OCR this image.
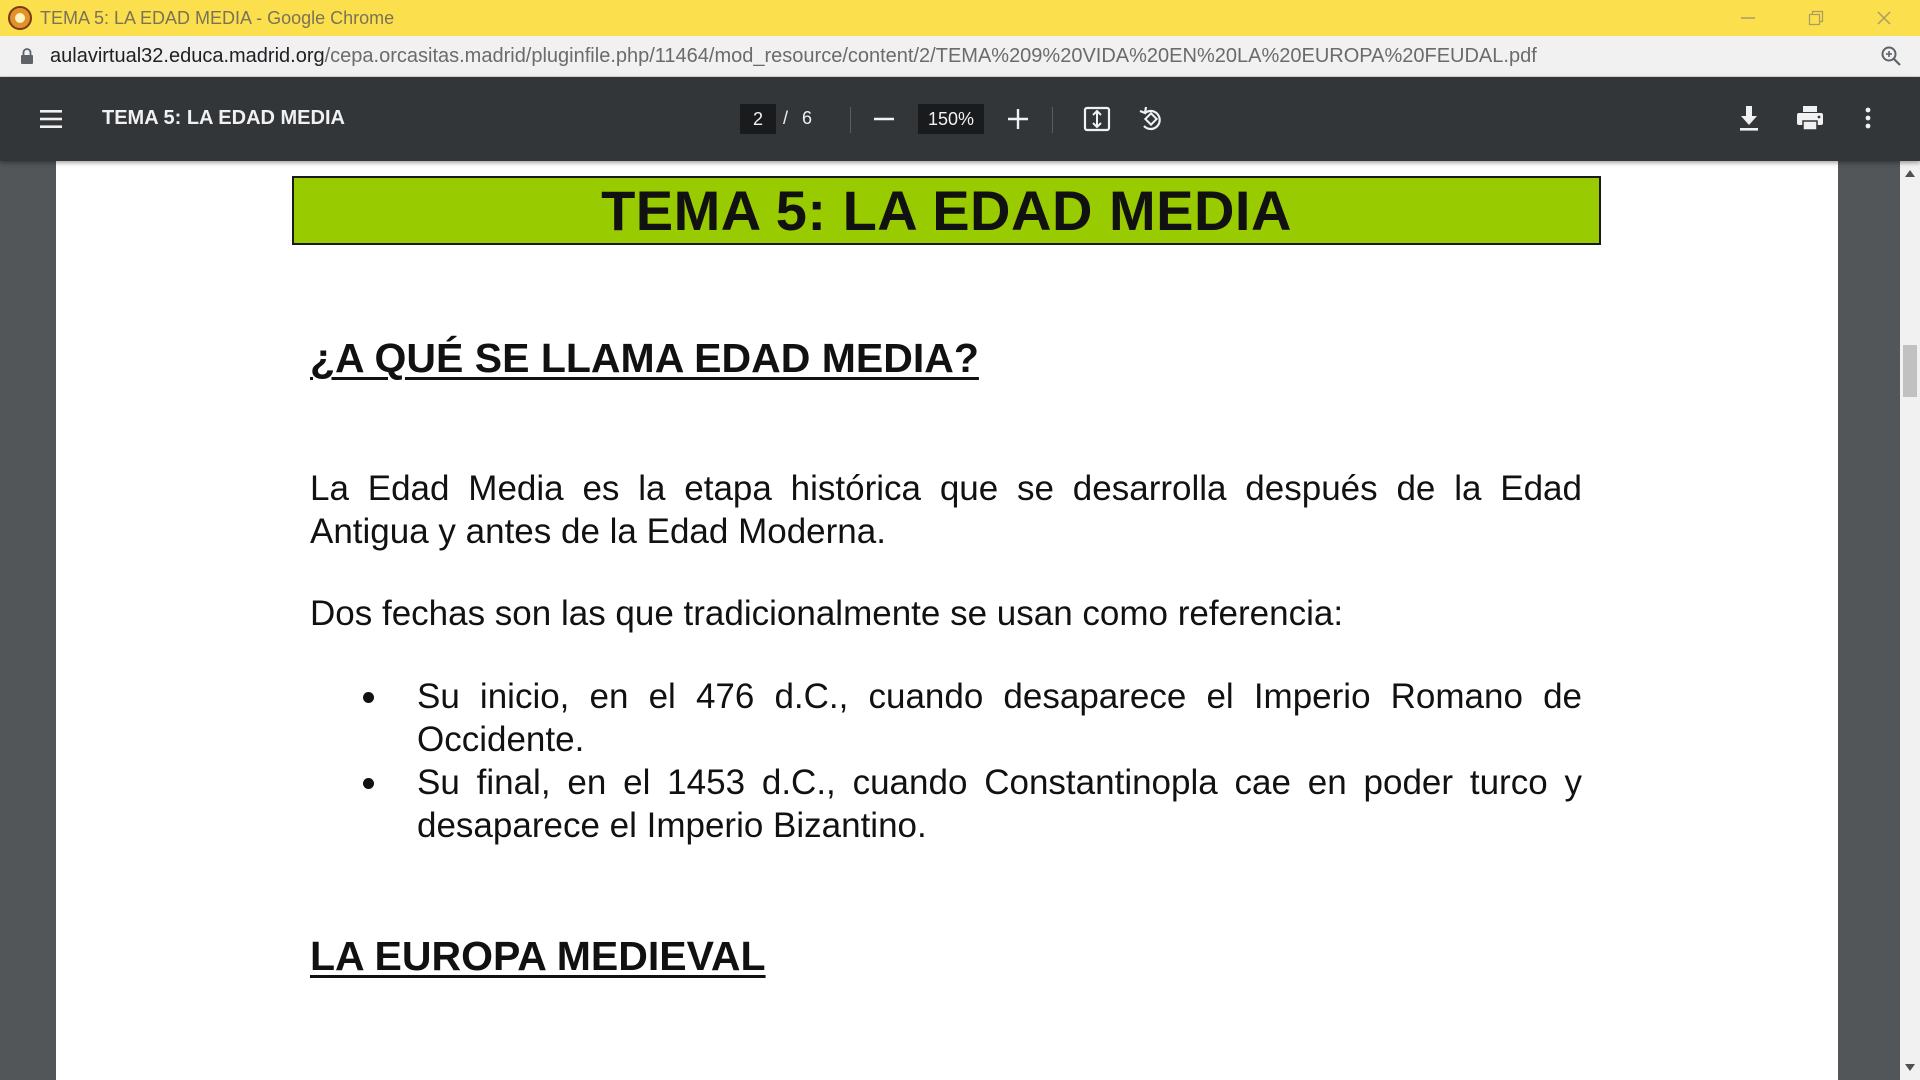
TEMA 5: LA EDAD MEDIA - Google Chrome
aulavirtual32.educa.madrid.org/cepa.orcasitas.madrid/pluginfile.php/11464/mod_resource/content/2/TEMA%209%20VIDA%20EN%20LA%20EUROPA%20FEUDAL.pdf
TEMA 5: LA EDAD MEDIA	2	/ 6	150%
TEMA 5: LA EDAD MEDIA
¿A QUÉ SE LLAMA EDAD MEDIA?
La Edad Media es la etapa histórica que se desarrolla después de la Edad Antigua y antes de la Edad Moderna.
Dos fechas son las que tradicionalmente se usan como referencia:
Su inicio, en el 476 d.C., cuando desaparece el Imperio Romano de Occidente.
Su final, en el 1453 d.C., cuando Constantinopla cae en poder turco y desaparece el Imperio Bizantino.
LA EUROPA MEDIEVAL
